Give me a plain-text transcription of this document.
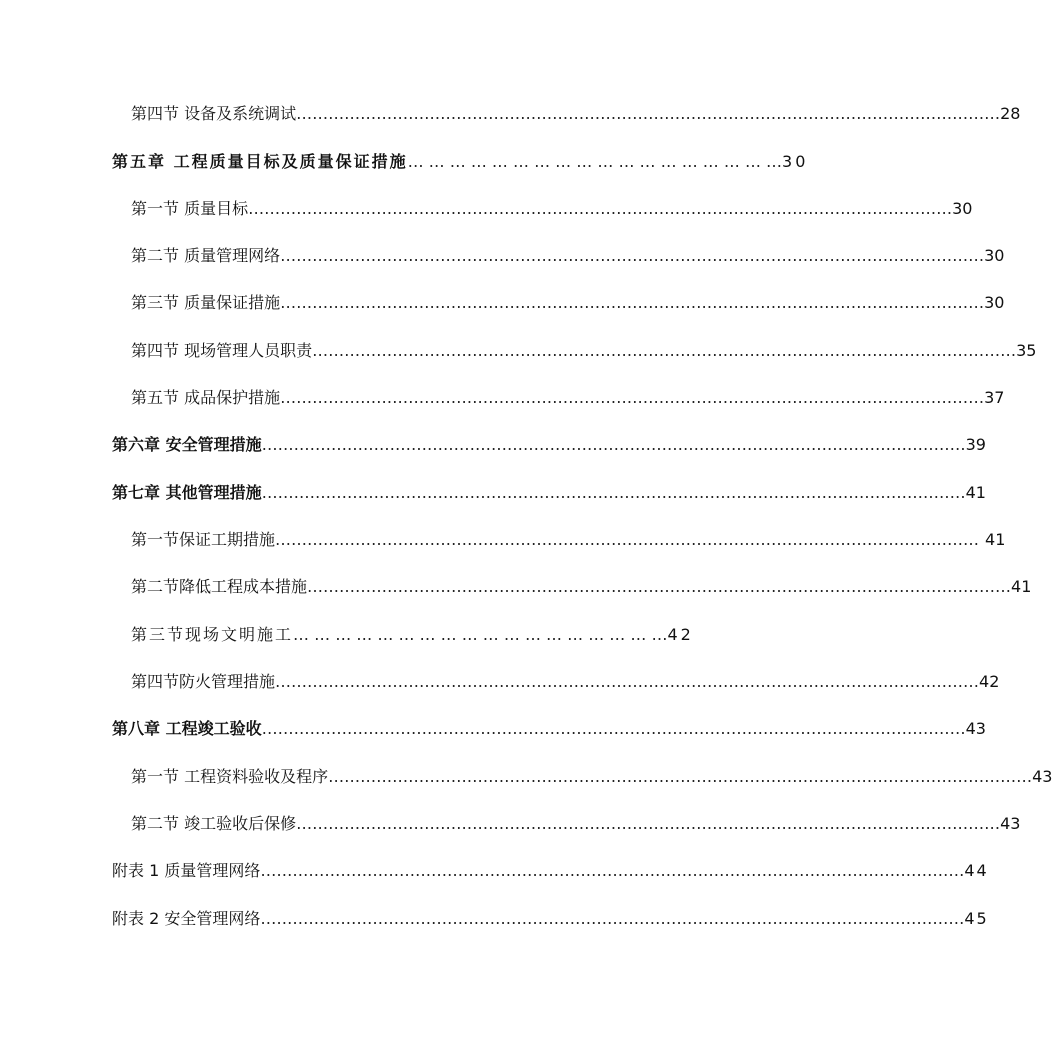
第四节 设备及系统调试 …………………………………………………………………………………………………………………… 28
第五章 工程质量目标及质量保证措施 … … … … … … … … … … … … … … … … … … 30
第一节 质量目标 …………………………………………………………………………………………………………………… 30
第二节 质量管理网络 …………………………………………………………………………………………………………………… 30
第三节 质量保证措施 …………………………………………………………………………………………………………………… 30
第四节 现场管理人员职责 …………………………………………………………………………………………………………………… 35
第五节 成品保护措施 …………………………………………………………………………………………………………………… 37
第六章 安全管理措施 …………………………………………………………………………………………………………………… 39
第七章 其他管理措施 …………………………………………………………………………………………………………………… 41
第一节保证工期措施 …………………………………………………………………………………………………………………… 41
第二节降低工程成本措施 …………………………………………………………………………………………………………………… 41
第三节现场文明施工 … … … … … … … … … … … … … … … … … … 42
第四节防火管理措施 …………………………………………………………………………………………………………………… 42
第八章 工程竣工验收 …………………………………………………………………………………………………………………… 43
第一节 工程资料验收及程序 …………………………………………………………………………………………………………………… 43
第二节 竣工验收后保修 …………………………………………………………………………………………………………………… 43
附表 1 质量管理网络 …………………………………………………………………………………………………………………… 44
附表 2 安全管理网络 …………………………………………………………………………………………………………………… 45
